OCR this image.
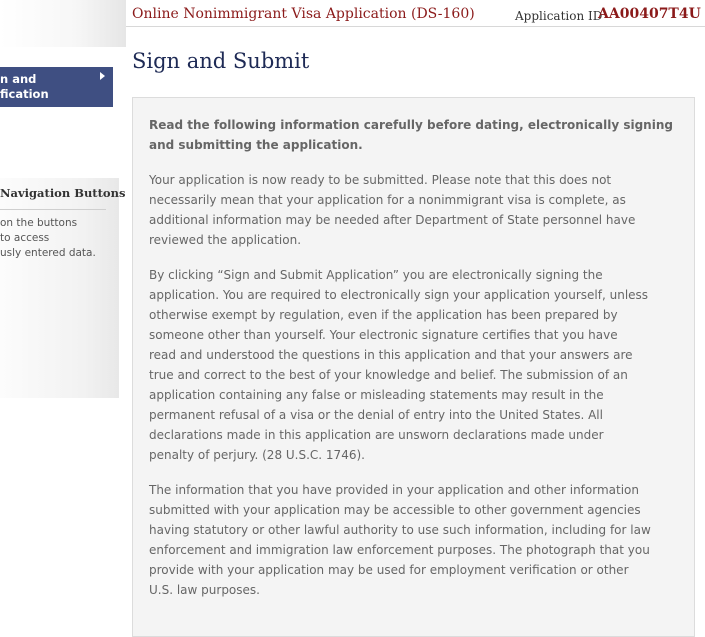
n and
fication
Navigation Buttons
on the buttons
to access
usly entered data.
Online Nonimmigrant Visa Application (DS-160)	Application ID
AA00407T4U
Sign and Submit
Read the following information carefully before dating, electronically signing
and submitting the application.
Your application is now ready to be submitted. Please note that this does not
necessarily mean that your application for a nonimmigrant visa is complete, as
additional information may be needed after Department of State personnel have
reviewed the application.
By clicking “Sign and Submit Application” you are electronically signing the
application. You are required to electronically sign your application yourself, unless
otherwise exempt by regulation, even if the application has been prepared by
someone other than yourself. Your electronic signature certifies that you have
read and understood the questions in this application and that your answers are
true and correct to the best of your knowledge and belief. The submission of an
application containing any false or misleading statements may result in the
permanent refusal of a visa or the denial of entry into the United States. All
declarations made in this application are unsworn declarations made under
penalty of perjury. (28 U.S.C. 1746).
The information that you have provided in your application and other information
submitted with your application may be accessible to other government agencies
having statutory or other lawful authority to use such information, including for law
enforcement and immigration law enforcement purposes. The photograph that you
provide with your application may be used for employment verification or other
U.S. law purposes.
